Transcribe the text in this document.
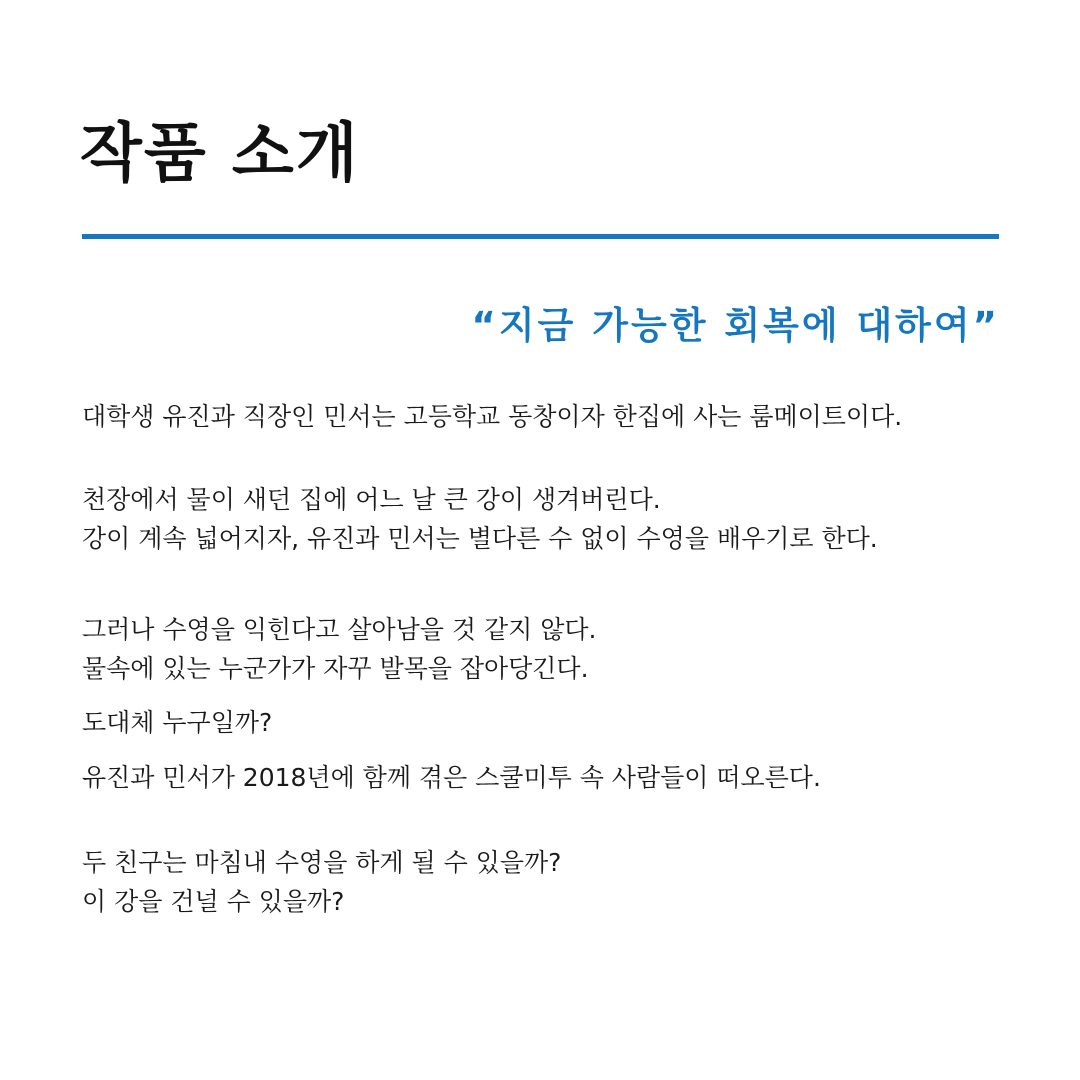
작품 소개
“지금 가능한 회복에 대하여”

대학생 유진과 직장인 민서는 고등학교 동창이자 한집에 사는 룸메이트이다.

천장에서 물이 새던 집에 어느 날 큰 강이 생겨버린다.
강이 계속 넓어지자, 유진과 민서는 별다른 수 없이 수영을 배우기로 한다.

그러나 수영을 익힌다고 살아남을 것 같지 않다.
물속에 있는 누군가가 자꾸 발목을 잡아당긴다.

도대체 누구일까?

유진과 민서가 2018년에 함께 겪은 스쿨미투 속 사람들이 떠오른다.

두 친구는 마침내 수영을 하게 될 수 있을까?
이 강을 건널 수 있을까?
